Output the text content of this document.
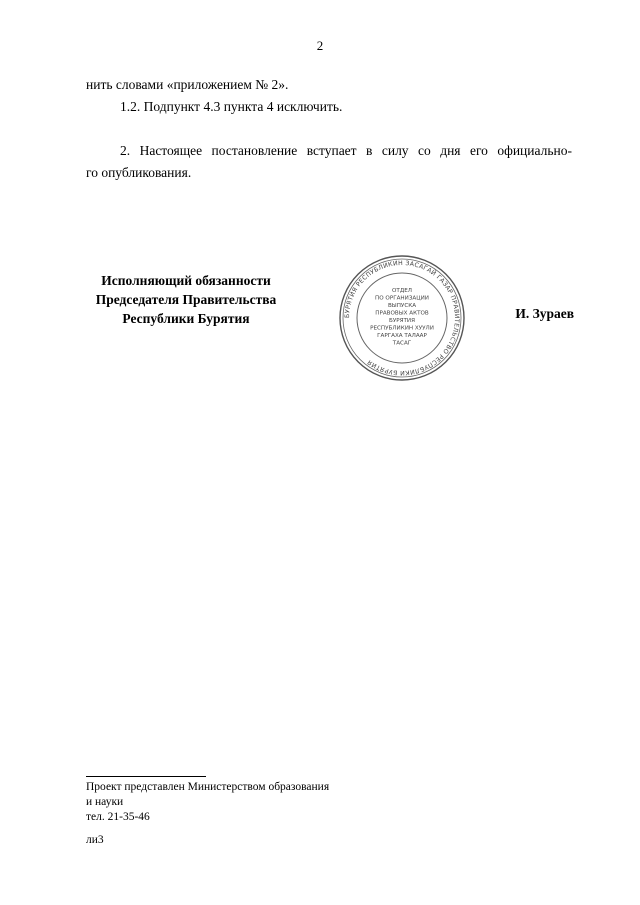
2
нить словами «приложением № 2».
1.2. Подпункт 4.3 пункта 4 исключить.
2. Настоящее постановление вступает в силу со дня его официально-
го опубликования.
Исполняющий обязанности
Председателя Правительства
Республики Бурятия	БУРЯТИЯ РЕСПУБЛИКИН ЗАСАГАЙ ГАЗАР ПРАВИТЕЛЬСТВО РЕСПУБЛИКИ БУРЯТИЯ
ОТДЕЛ
ПО ОРГАНИЗАЦИИ
ВЫПУСКА
ПРАВОВЫХ АКТОВ
БУРЯТИЯ
РЕСПУБЛИКИН ХУУЛИ
ГАРГАХА ТАЛААР
ТАСАГ
И. Зураев
Проект представлен Министерством образования
и науки
тел. 21-35-46
ли3
